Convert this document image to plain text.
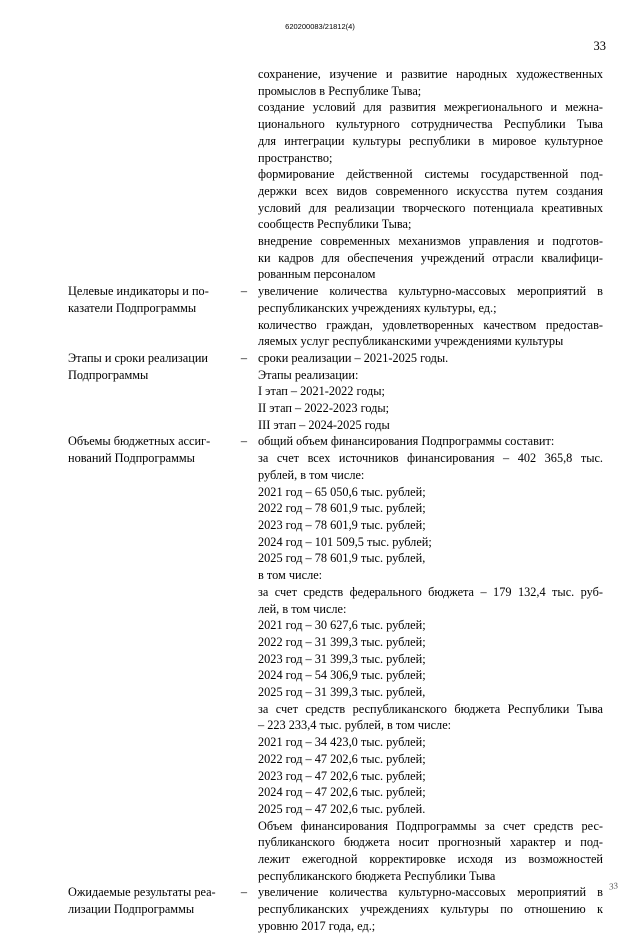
620200083/21812(4)
33
сохранение, изучение и развитие народных художественных
промыслов в Республике Тыва;
создание условий для развития межрегионального и межна-
ционального культурного сотрудничества Республики Тыва
для интеграции культуры республики в мировое культурное
пространство;
формирование действенной системы государственной под-
держки всех видов современного искусства путем создания
условий для реализации творческого потенциала креативных
сообществ Республики Тыва;
внедрение современных механизмов управления и подготов-
ки кадров для обеспечения учреждений отрасли квалифици-
рованным персоналом
Целевые индикаторы и по-
казатели Подпрограммы
– увеличение количества культурно-массовых мероприятий в
республиканских учреждениях культуры, ед.;
количество граждан, удовлетворенных качеством предостав-
ляемых услуг республиканскими учреждениями культуры
Этапы и сроки реализации
Подпрограммы
– сроки реализации – 2021-2025 годы.
Этапы реализации:
I этап – 2021-2022 годы;
II этап – 2022-2023 годы;
III этап – 2024-2025 годы
Объемы бюджетных ассиг-
нований Подпрограммы
– общий объем финансирования Подпрограммы составит:
за счет всех источников финансирования – 402 365,8 тыс.
рублей, в том числе:
2021 год – 65 050,6 тыс. рублей;
2022 год – 78 601,9 тыс. рублей;
2023 год – 78 601,9 тыс. рублей;
2024 год – 101 509,5 тыс. рублей;
2025 год – 78 601,9 тыс. рублей,
в том числе:
за счет средств федерального бюджета – 179 132,4 тыс. руб-
лей, в том числе:
2021 год – 30 627,6 тыс. рублей;
2022 год – 31 399,3 тыс. рублей;
2023 год – 31 399,3 тыс. рублей;
2024 год – 54 306,9 тыс. рублей;
2025 год – 31 399,3 тыс. рублей,
за счет средств республиканского бюджета Республики Тыва
– 223 233,4 тыс. рублей, в том числе:
2021 год – 34 423,0 тыс. рублей;
2022 год – 47 202,6 тыс. рублей;
2023 год – 47 202,6 тыс. рублей;
2024 год – 47 202,6 тыс. рублей;
2025 год – 47 202,6 тыс. рублей.
Объем финансирования Подпрограммы за счет средств рес-
публиканского бюджета носит прогнозный характер и под-
лежит ежегодной корректировке исходя из возможностей
республиканского бюджета Республики Тыва
Ожидаемые результаты реа-
лизации Подпрограммы
– увеличение количества культурно-массовых мероприятий в
республиканских учреждениях культуры по отношению к
уровню 2017 года, ед.;
33
